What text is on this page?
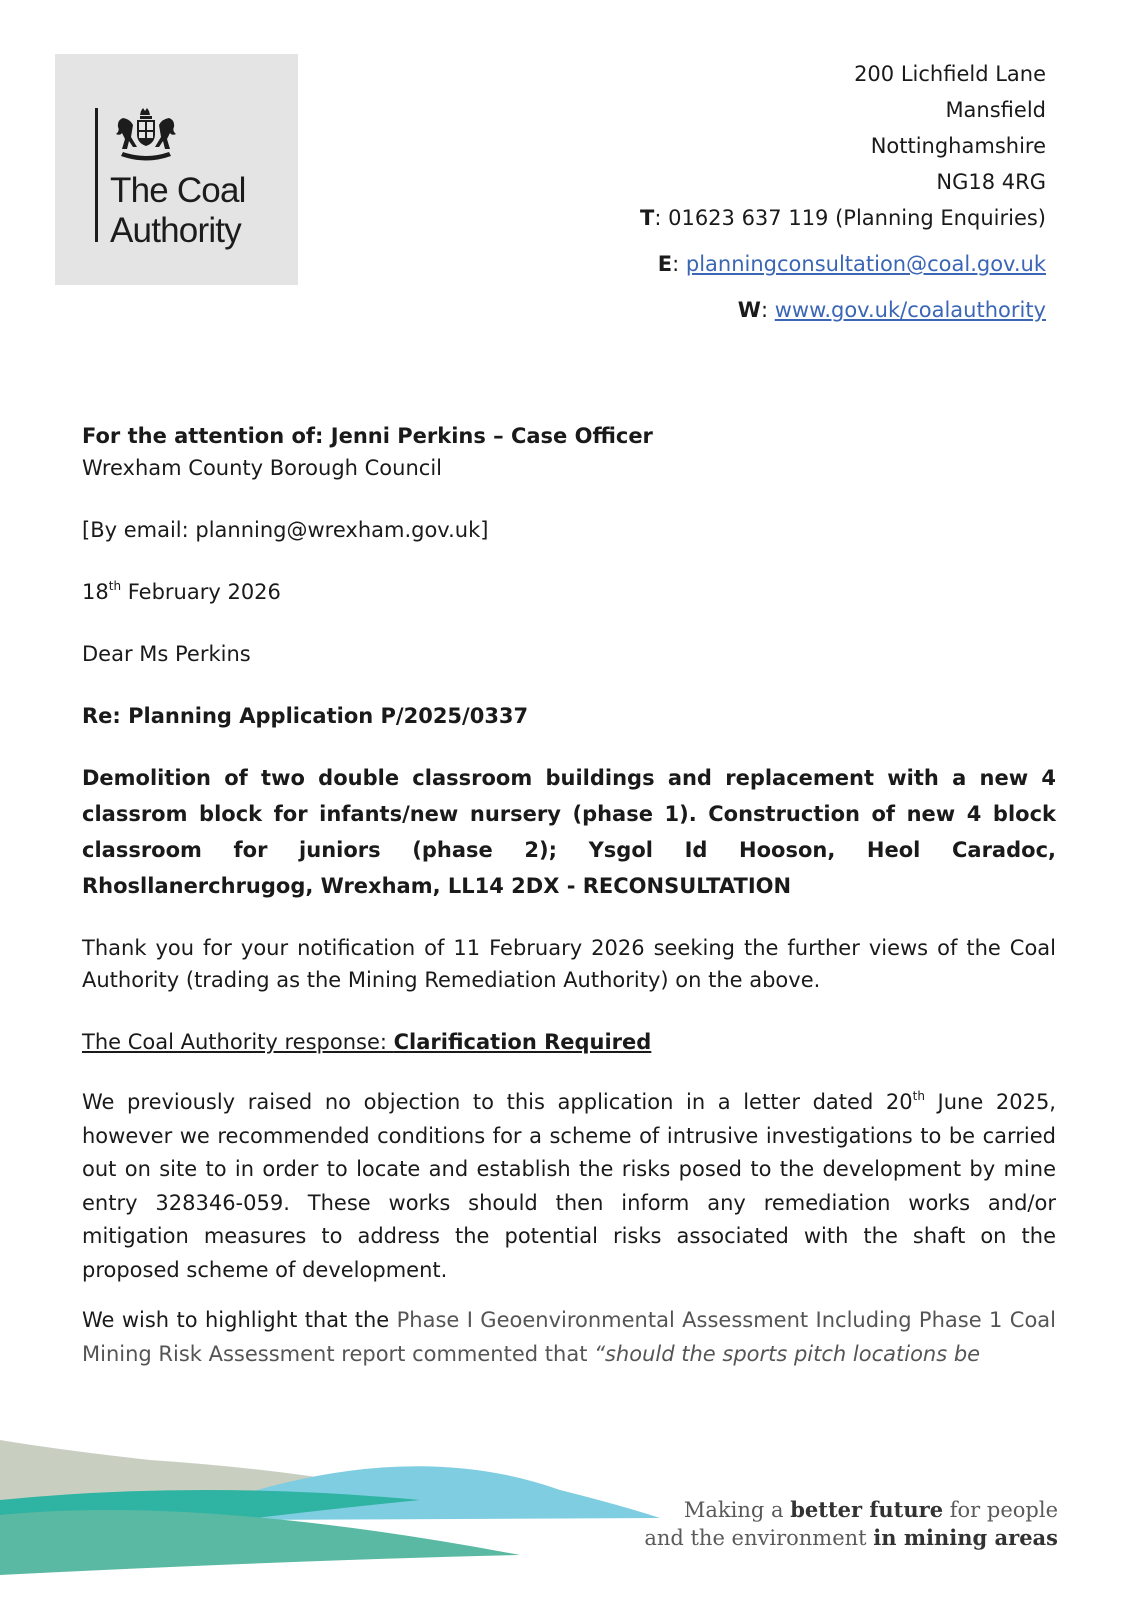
The Coal
Authority
200 Lichfield Lane
Mansfield
Nottinghamshire
NG18 4RG
T: 01623 637 119 (Planning Enquiries)
E: planningconsultation@coal.gov.uk
W: www.gov.uk/coalauthority
For the attention of: Jenni Perkins – Case Officer
Wrexham County Borough Council
[By email: planning@wrexham.gov.uk]
18th February 2026
Dear Ms Perkins
Re: Planning Application P/2025/0337
Demolition of two double classroom buildings and replacement with a new 4 classrom block for infants/new nursery (phase 1). Construction of new 4 block classroom for juniors (phase 2); Ysgol Id Hooson, Heol Caradoc, Rhosllanerchrugog, Wrexham, LL14 2DX - RECONSULTATION
Thank you for your notification of 11 February 2026 seeking the further views of the Coal Authority (trading as the Mining Remediation Authority) on the above.
The Coal Authority response: Clarification Required
We previously raised no objection to this application in a letter dated 20th June 2025, however we recommended conditions for a scheme of intrusive investigations to be carried out on site to in order to locate and establish the risks posed to the development by mine entry 328346-059. These works should then inform any remediation works and/or mitigation measures to address the potential risks associated with the shaft on the proposed scheme of development.
We wish to highlight that the Phase I Geoenvironmental Assessment Including Phase 1 Coal Mining Risk Assessment report commented that “should the sports pitch locations be
Making a better future for people
and the environment in mining areas
